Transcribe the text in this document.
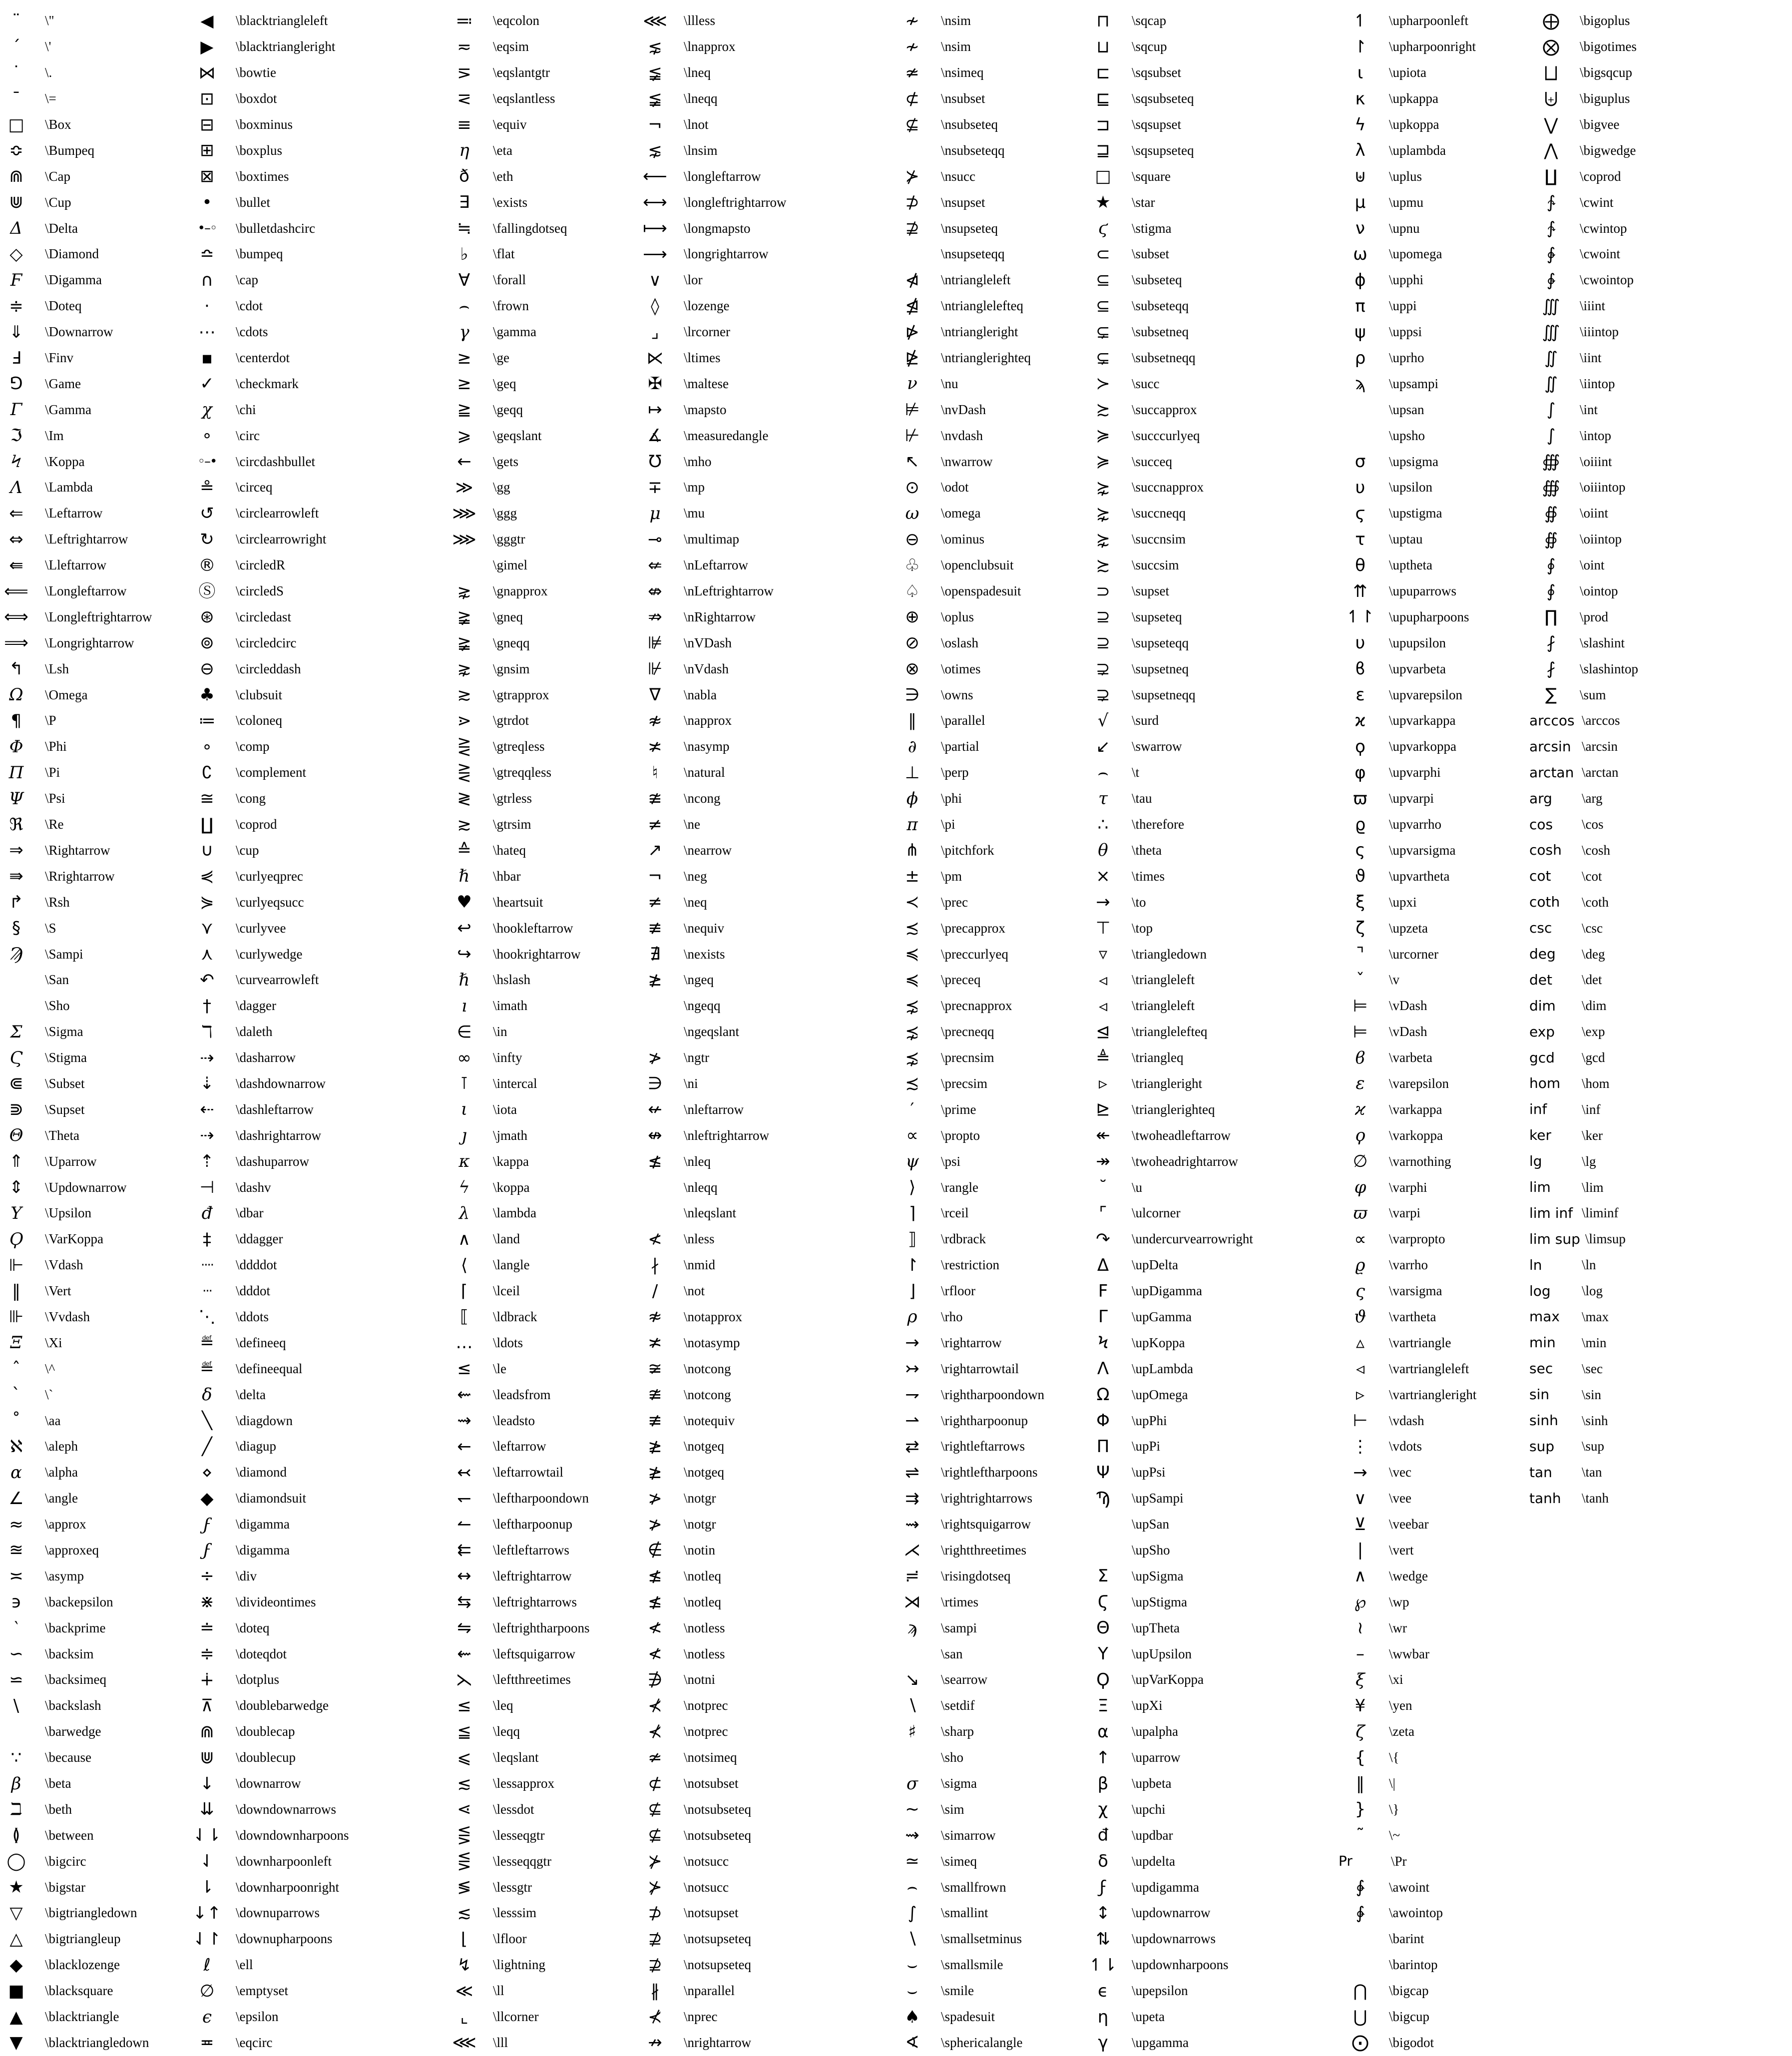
¨	\"
´	\'
˙	\.
¯	\=
□	\Box
≎	\Bumpeq
⋒	\Cap
⋓	\Cup
Δ	\Delta
◇	\Diamond
Ϝ	\Digamma
≑	\Doteq
⇓	\Downarrow
Ⅎ	\Finv
⅁	\Game
Γ	\Gamma
ℑ	\Im
Ϟ	\Koppa
Λ	\Lambda
⇐	\Leftarrow
⇔	\Leftrightarrow
⇚	\Lleftarrow
⟸	\Longleftarrow
⟺	\Longleftrightarrow
⟹	\Longrightarrow
↰	\Lsh
Ω	\Omega
¶	\P
Φ	\Phi
Π	\Pi
Ψ	\Psi
ℜ	\Re
⇒	\Rightarrow
⇛	\Rrightarrow
↱	\Rsh
§	\S
Ϡ	\Sampi
\San
\Sho
Σ	\Sigma
Ϛ	\Stigma
⋐	\Subset
⋑	\Supset
Θ	\Theta
⇑	\Uparrow
⇕	\Updownarrow
Υ	\Upsilon
Ϙ	\VarKoppa
⊩	\Vdash
‖	\Vert
⊪	\Vvdash
Ξ	\Xi
ˆ	\^
ˋ	\`
˚	\aa
ℵ	\aleph
α	\alpha
∠	\angle
≈	\approx
≊	\approxeq
≍	\asymp
϶	\backepsilon
‵	\backprime
∽	\backsim
⋍	\backsimeq
\	\backslash
\barwedge
∵	\because
β	\beta
ℶ	\beth
≬	\between
◯	\bigcirc
★	\bigstar
▽	\bigtriangledown
△	\bigtriangleup
◆	\blacklozenge
■	\blacksquare
▲	\blacktriangle
▼	\blacktriangledown
◀	\blacktriangleleft
▶	\blacktriangleright
⋈	\bowtie
⊡	\boxdot
⊟	\boxminus
⊞	\boxplus
⊠	\boxtimes
•	\bullet
•–◦	\bulletdashcirc
≏	\bumpeq
∩	\cap
⋅	\cdot
⋯	\cdots
▪	\centerdot
✓	\checkmark
χ	\chi
∘	\circ
◦–•	\circdashbullet
≗	\circeq
↺	\circlearrowleft
↻	\circlearrowright
®	\circledR
Ⓢ	\circledS
⊛	\circledast
⊚	\circledcirc
⊖	\circleddash
♣	\clubsuit
≔	\coloneq
∘	\comp
∁	\complement
≅	\cong
∐	\coprod
∪	\cup
⋞	\curlyeqprec
⋟	\curlyeqsucc
⋎	\curlyvee
⋏	\curlywedge
↶	\curvearrowleft
†	\dagger
ℸ	\daleth
⇢	\dasharrow
⇣	\dashdownarrow
⇠	\dashleftarrow
⇢	\dashrightarrow
⇡	\dashuparrow
⊣	\dashv
đ	\dbar
‡	\ddagger
····	\ddddot
···	\dddot
⋱	\ddots
≝	\defineeq
≝	\defineequal
δ	\delta
╲	\diagdown
╱	\diagup
⋄	\diamond
◆	\diamondsuit
ϝ	\digamma
ϝ	\digamma
÷	\div
⋇	\divideontimes
≐	\doteq
≑	\doteqdot
∔	\dotplus
⊼	\doublebarwedge
⋒	\doublecap
⋓	\doublecup
↓	\downarrow
⇊	\downdownarrows
⇃⇂	\downdownharpoons
⇃	\downharpoonleft
⇂	\downharpoonright
↓↑	\downuparrows
⇃↾	\downupharpoons
ℓ	\ell
∅	\emptyset
ϵ	\epsilon
≖	\eqcirc
≕	\eqcolon
≂	\eqsim
⋝	\eqslantgtr
⋜	\eqslantless
≡	\equiv
η	\eta
ð	\eth
∃	\exists
≒	\fallingdotseq
♭	\flat
∀	\forall
⌢	\frown
γ	\gamma
≥	\ge
≥	\geq
≧	\geqq
⩾	\geqslant
←	\gets
≫	\gg
⋙	\ggg
⋙	\gggtr
\gimel
⋧	\gnapprox
≩	\gneq
≩	\gneqq
⋧	\gnsim
≳	\gtrapprox
⋗	\gtrdot
⋛	\gtreqless
⋛	\gtreqqless
≷	\gtrless
≳	\gtrsim
≙	\hateq
ℏ	\hbar
♥	\heartsuit
↩	\hookleftarrow
↪	\hookrightarrow
ℏ	\hslash
ı	\imath
∈	\in
∞	\infty
⊺	\intercal
ι	\iota
ȷ	\jmath
κ	\kappa
ϟ	\koppa
λ	\lambda
∧	\land
⟨	\langle
⌈	\lceil
⟦	\ldbrack
…	\ldots
≤	\le
⇜	\leadsfrom
⇝	\leadsto
←	\leftarrow
↢	\leftarrowtail
↽	\leftharpoondown
↼	\leftharpoonup
⇇	\leftleftarrows
↔	\leftrightarrow
⇆	\leftrightarrows
⇋	\leftrightharpoons
⇜	\leftsquigarrow
⋋	\leftthreetimes
≤	\leq
≦	\leqq
⩽	\leqslant
≲	\lessapprox
⋖	\lessdot
⋚	\lesseqgtr
⋚	\lesseqqgtr
≶	\lessgtr
≲	\lesssim
⌊	\lfloor
↯	\lightning
≪	\ll
⌞	\llcorner
⋘	\lll
⋘	\llless
⋦	\lnapprox
≨	\lneq
≨	\lneqq
¬	\lnot
⋦	\lnsim
⟵	\longleftarrow
⟷	\longleftrightarrow
⟼	\longmapsto
⟶	\longrightarrow
∨	\lor
◊	\lozenge
⌟	\lrcorner
⋉	\ltimes
✠	\maltese
↦	\mapsto
∡	\measuredangle
℧	\mho
∓	\mp
μ	\mu
⊸	\multimap
⇍	\nLeftarrow
⇎	\nLeftrightarrow
⇏	\nRightarrow
⊯	\nVDash
⊮	\nVdash
∇	\nabla
≉	\napprox
≭	\nasymp
♮	\natural
≇	\ncong
≠	\ne
↗	\nearrow
¬	\neg
≠	\neq
≢	\nequiv
∄	\nexists
≱	\ngeq
\ngeqq
\ngeqslant
≯	\ngtr
∋	\ni
↚	\nleftarrow
↮	\nleftrightarrow
≰	\nleq
\nleqq
\nleqslant
≮	\nless
∤	\nmid
/	\not
≉	\notapprox
≭	\notasymp
≆	\notcong
≇	\notcong
≢	\notequiv
≱	\notgeq
≱	\notgeq
≯	\notgr
≯	\notgr
∉	\notin
≰	\notleq
≰	\notleq
≮	\notless
≮	\notless
∌	\notni
⊀	\notprec
⊀	\notprec
≄	\notsimeq
⊄	\notsubset
⊈	\notsubseteq
⊈	\notsubseteq
⊁	\notsucc
⊁	\notsucc
⊅	\notsupset
⊉	\notsupseteq
⊉	\notsupseteq
∦	\nparallel
⊀	\nprec
↛	\nrightarrow
≁	\nsim
≁	\nsim
≄	\nsimeq
⊄	\nsubset
⊈	\nsubseteq
\nsubseteqq
⊁	\nsucc
⊅	\nsupset
⊉	\nsupseteq
\nsupseteqq
⋪	\ntriangleleft
⋬	\ntrianglelefteq
⋫	\ntriangleright
⋭	\ntrianglerighteq
ν	\nu
⊭	\nvDash
⊬	\nvdash
↖	\nwarrow
⊙	\odot
ω	\omega
⊖	\ominus
♧	\openclubsuit
♤	\openspadesuit
⊕	\oplus
⊘	\oslash
⊗	\otimes
∋	\owns
∥	\parallel
∂	\partial
⊥	\perp
ϕ	\phi
π	\pi
⋔	\pitchfork
±	\pm
≺	\prec
≾	\precapprox
≼	\preccurlyeq
≼	\preceq
⋨	\precnapprox
⋨	\precneqq
⋨	\precnsim
≾	\precsim
′	\prime
∝	\propto
ψ	\psi
⟩	\rangle
⌉	\rceil
⟧	\rdbrack
↾	\restriction
⌋	\rfloor
ρ	\rho
→	\rightarrow
↣	\rightarrowtail
⇁	\rightharpoondown
⇀	\rightharpoonup
⇄	\rightleftarrows
⇌	\rightleftharpoons
⇉	\rightrightarrows
⇝	\rightsquigarrow
⋌	\rightthreetimes
≓	\risingdotseq
⋊	\rtimes
ϡ	\sampi
\san
↘	\searrow
∖	\setdif
♯	\sharp
\sho
σ	\sigma
∼	\sim
⇝	\simarrow
≃	\simeq
⌢	\smallfrown
∫	\smallint
∖	\smallsetminus
⌣	\smallsmile
⌣	\smile
♠	\spadesuit
∢	\sphericalangle
⊓	\sqcap
⊔	\sqcup
⊏	\sqsubset
⊑	\sqsubseteq
⊐	\sqsupset
⊒	\sqsupseteq
□	\square
★	\star
ϛ	\stigma
⊂	\subset
⊆	\subseteq
⊆	\subseteqq
⊊	\subsetneq
⊊	\subsetneqq
≻	\succ
≿	\succapprox
≽	\succcurlyeq
≽	\succeq
⋩	\succnapprox
⋩	\succneqq
⋩	\succnsim
≿	\succsim
⊃	\supset
⊇	\supseteq
⊇	\supseteqq
⊋	\supsetneq
⊋	\supsetneqq
√	\surd
↙	\swarrow
⌢	\t
τ	\tau
∴	\therefore
θ	\theta
×	\times
→	\to
⊤	\top
▿	\triangledown
◃	\triangleleft
◃	\triangleleft
⊴	\trianglelefteq
≜	\triangleq
▹	\triangleright
⊵	\trianglerighteq
↞	\twoheadleftarrow
↠	\twoheadrightarrow
˘	\u
⌜	\ulcorner
↷	\undercurvearrowright
Δ	\upDelta
Ϝ	\upDigamma
Γ	\upGamma
Ϟ	\upKoppa
Λ	\upLambda
Ω	\upOmega
Φ	\upPhi
Π	\upPi
Ψ	\upPsi
Ϡ	\upSampi
\upSan
\upSho
Σ	\upSigma
Ϛ	\upStigma
Θ	\upTheta
Υ	\upUpsilon
Ϙ	\upVarKoppa
Ξ	\upXi
α	\upalpha
↑	\uparrow
β	\upbeta
χ	\upchi
đ	\updbar
δ	\updelta
ϝ	\updigamma
↕	\updownarrow
⇅	\updownarrows
↿⇂	\updownharpoons
ϵ	\upepsilon
η	\upeta
γ	\upgamma
↿	\upharpoonleft
↾	\upharpoonright
ι	\upiota
κ	\upkappa
ϟ	\upkoppa
λ	\uplambda
⊎	\uplus
μ	\upmu
ν	\upnu
ω	\upomega
ϕ	\upphi
π	\uppi
ψ	\uppsi
ρ	\uprho
ϡ	\upsampi
\upsan
\upsho
σ	\upsigma
υ	\upsilon
ϛ	\upstigma
τ	\uptau
θ	\uptheta
⇈	\upuparrows
↿↾	\upupharpoons
υ	\upupsilon
ϐ	\upvarbeta
ε	\upvarepsilon
ϰ	\upvarkappa
ϙ	\upvarkoppa
φ	\upvarphi
ϖ	\upvarpi
ϱ	\upvarrho
ς	\upvarsigma
ϑ	\upvartheta
ξ	\upxi
ζ	\upzeta
⌝	\urcorner
ˇ	\v
⊨	\vDash
⊨	\vDash
ϐ	\varbeta
ε	\varepsilon
ϰ	\varkappa
ϙ	\varkoppa
∅	\varnothing
φ	\varphi
ϖ	\varpi
∝	\varpropto
ϱ	\varrho
ς	\varsigma
ϑ	\vartheta
▵	\vartriangle
◃	\vartriangleleft
▹	\vartriangleright
⊢	\vdash
⋮	\vdots
→	\vec
∨	\vee
⊻	\veebar
|	\vert
∧	\wedge
℘	\wp
≀	\wr
–	\wwbar
ξ	\xi
¥	\yen
ζ	\zeta
{	\{
‖	\|
}	\}
˜	\~
Pr	\Pr
∳	\awoint
∳	\awointop
\barint
\barintop
⋂	\bigcap
⋃	\bigcup
⨀	\bigodot
⨁	\bigoplus
⨂	\bigotimes
⨆	\bigsqcup
⨄	\biguplus
⋁	\bigvee
⋀	\bigwedge
∐	\coprod
∱	\cwint
∱	\cwintop
∲	\cwoint
∲	\cwointop
∭	\iiint
∭	\iiintop
∬	\iint
∬	\iintop
∫	\int
∫	\intop
∰	\oiiint
∰	\oiiintop
∯	\oiint
∯	\oiintop
∮	\oint
∮	\ointop
∏	\prod
⨏	\slashint
⨏	\slashintop
∑	\sum
arccos \arccos
arcsin \arcsin
arctan \arctan
arg	\arg
cos	\cos
cosh	\cosh
cot	\cot
coth	\coth
csc	\csc
deg	\deg
det	\det
dim	\dim
exp	\exp
gcd	\gcd
hom	\hom
inf	\inf
ker	\ker
lg	\lg
lim	\lim
lim inf \liminf
lim sup \limsup
ln	\ln
log	\log
max	\max
min	\min
sec	\sec
sin	\sin
sinh	\sinh
sup	\sup
tan	\tan
tanh	\tanh
